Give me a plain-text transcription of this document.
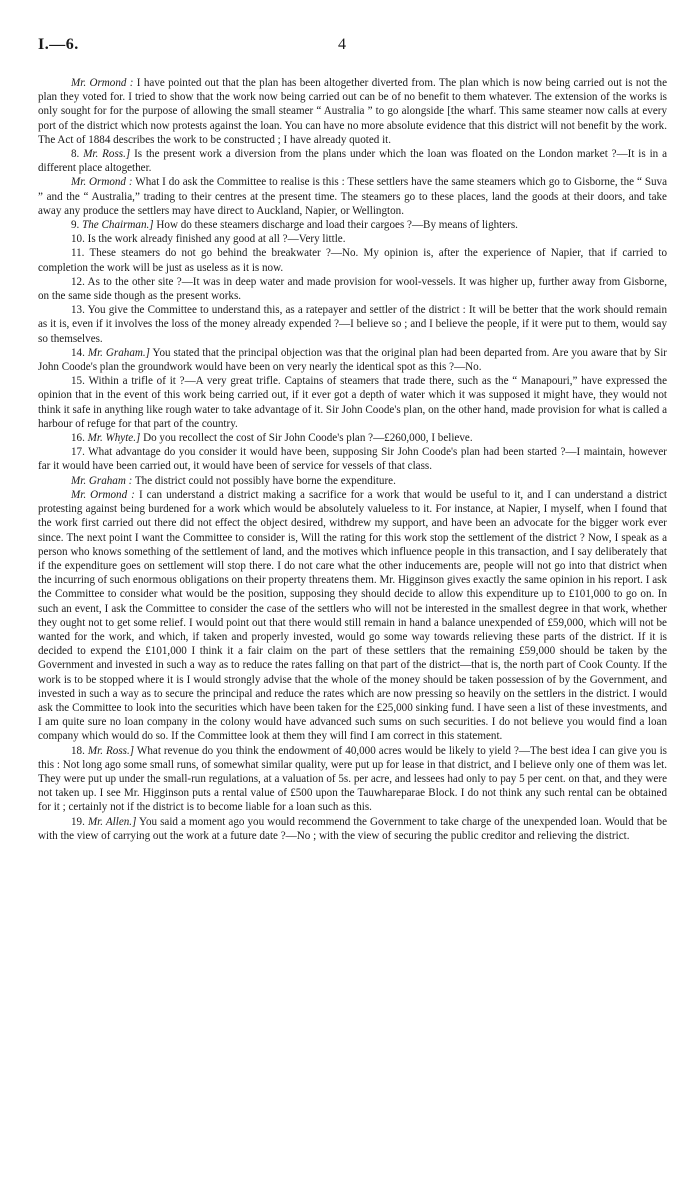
I.—6.	4

Mr. Ormond : I have pointed out that the plan has been altogether diverted from. The plan which is now being carried out is not the plan they voted for. I tried to show that the work now being carried out can be of no benefit to them whatever. The extension of the works is only sought for for the purpose of allowing the small steamer “ Australia ” to go alongside [the wharf. This same steamer now calls at every port of the district which now protests against the loan. You can have no more absolute evidence that this district will not benefit by the work. The Act of 1884 describes the work to be constructed ; I have already quoted it.

8. Mr. Ross.] Is the present work a diversion from the plans under which the loan was floated on the London market ?—It is in a different place altogether.

Mr. Ormond : What I do ask the Committee to realise is this : These settlers have the same steamers which go to Gisborne, the “ Suva ” and the “ Australia,” trading to their centres at the present time. The steamers go to these places, land the goods at their doors, and take away any produce the settlers may have direct to Auckland, Napier, or Wellington.

9. The Chairman.] How do these steamers discharge and load their cargoes ?—By means of lighters.

10. Is the work already finished any good at all ?—Very little.

11. These steamers do not go behind the breakwater ?—No. My opinion is, after the experience of Napier, that if carried to completion the work will be just as useless as it is now.

12. As to the other site ?—It was in deep water and made provision for wool-vessels. It was higher up, further away from Gisborne, on the same side though as the present works.

13. You give the Committee to understand this, as a ratepayer and settler of the district : It will be better that the work should remain as it is, even if it involves the loss of the money already expended ?—I believe so ; and I believe the people, if it were put to them, would say so themselves.

14. Mr. Graham.] You stated that the principal objection was that the original plan had been departed from. Are you aware that by Sir John Coode's plan the groundwork would have been on very nearly the identical spot as this ?—No.

15. Within a trifle of it ?—A very great trifle. Captains of steamers that trade there, such as the “ Manapouri,” have expressed the opinion that in the event of this work being carried out, if it ever got a depth of water which it was supposed it might have, they would not think it safe in anything like rough water to take advantage of it. Sir John Coode's plan, on the other hand, made provision for what is called a harbour of refuge for that part of the country.

16. Mr. Whyte.] Do you recollect the cost of Sir John Coode's plan ?—£260,000, I believe.

17. What advantage do you consider it would have been, supposing Sir John Coode's plan had been started ?—I maintain, however far it would have been carried out, it would have been of service for vessels of that class.

Mr. Graham : The district could not possibly have borne the expenditure.

Mr. Ormond : I can understand a district making a sacrifice for a work that would be useful to it, and I can understand a district protesting against being burdened for a work which would be absolutely valueless to it. For instance, at Napier, I myself, when I found that the work first carried out there did not effect the object desired, withdrew my support, and have been an advocate for the bigger work ever since. The next point I want the Committee to consider is, Will the rating for this work stop the settlement of the district ? Now, I speak as a person who knows something of the settlement of land, and the motives which influence people in this transaction, and I say deliberately that if the expenditure goes on settlement will stop there. I do not care what the other inducements are, people will not go into that district when the incurring of such enormous obligations on their property threatens them. Mr. Higginson gives exactly the same opinion in his report. I ask the Committee to consider what would be the position, supposing they should decide to allow this expenditure up to £101,000 to go on. In such an event, I ask the Committee to consider the case of the settlers who will not be interested in the smallest degree in that work, whether they ought not to get some relief. I would point out that there would still remain in hand a balance unexpended of £59,000, which will not be wanted for the work, and which, if taken and properly invested, would go some way towards relieving these parts of the district. If it is decided to expend the £101,000 I think it a fair claim on the part of these settlers that the remaining £59,000 should be taken by the Government and invested in such a way as to reduce the rates falling on that part of the district—that is, the north part of Cook County. If the work is to be stopped where it is I would strongly advise that the whole of the money should be taken possession of by the Government, and invested in such a way as to secure the principal and reduce the rates which are now pressing so heavily on the settlers in the district. I would ask the Committee to look into the securities which have been taken for the £25,000 sinking fund. I have seen a list of these investments, and I am quite sure no loan company in the colony would have advanced such sums on such securities. I do not believe you would find a loan company which would do so. If the Committee look at them they will find I am correct in this statement.

18. Mr. Ross.] What revenue do you think the endowment of 40,000 acres would be likely to yield ?—The best idea I can give you is this : Not long ago some small runs, of somewhat similar quality, were put up for lease in that district, and I believe only one of them was let. They were put up under the small-run regulations, at a valuation of 5s. per acre, and lessees had only to pay 5 per cent. on that, and they were not taken up. I see Mr. Higginson puts a rental value of £500 upon the Tauwhareparae Block. I do not think any such rental can be obtained for it ; certainly not if the district is to become liable for a loan such as this.

19. Mr. Allen.] You said a moment ago you would recommend the Government to take charge of the unexpended loan. Would that be with the view of carrying out the work at a future date ?—No ; with the view of securing the public creditor and relieving the district.
